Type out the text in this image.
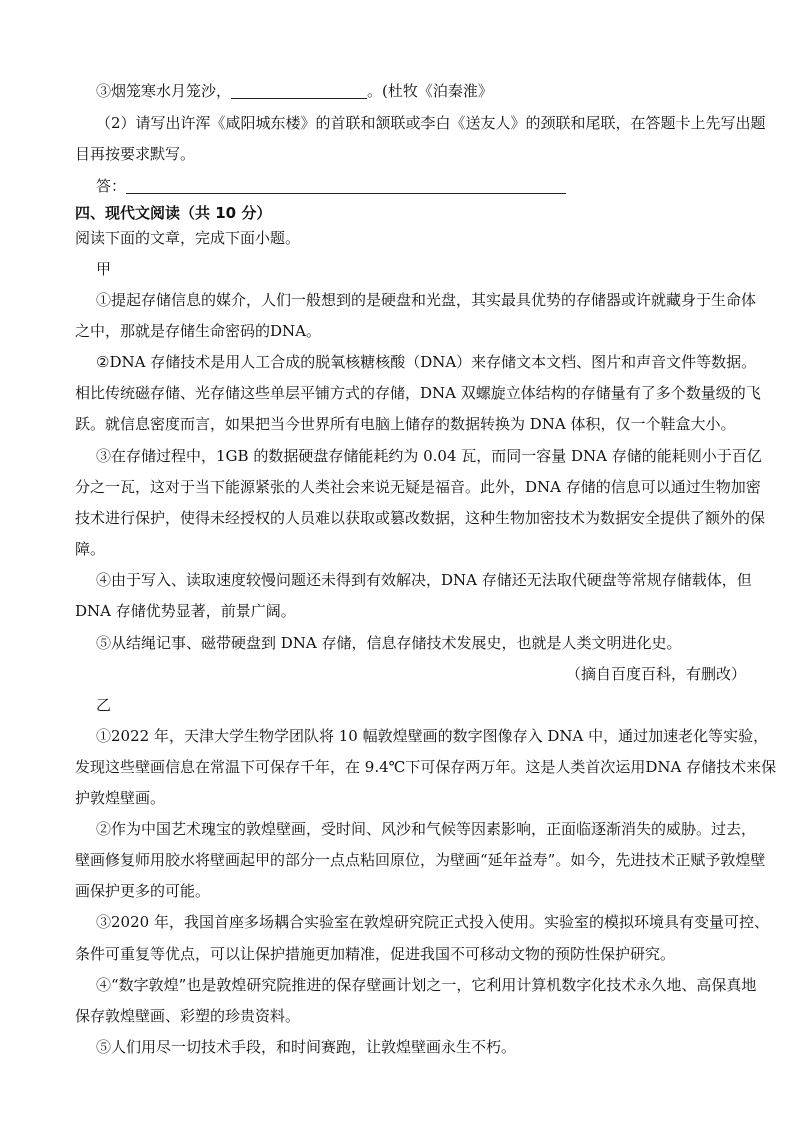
③烟笼寒水月笼沙，	。(杜牧《泊秦淮》
（2）请写出许浑《咸阳城东楼》的首联和颔联或李白《送友人》的颈联和尾联，在答题卡上先写出题
目再按要求默写。
答：
四、现代文阅读（共 10 分）
阅读下面的文章，完成下面小题。
甲
①提起存储信息的媒介，人们一般想到的是硬盘和光盘，其实最具优势的存储器或许就藏身于生命体
之中，那就是存储生命密码的DNA。
②DNA 存储技术是用人工合成的脱氧核糖核酸（DNA）来存储文本文档、图片和声音文件等数据。
相比传统磁存储、光存储这些单层平铺方式的存储，DNA 双螺旋立体结构的存储量有了多个数量级的飞
跃。就信息密度而言，如果把当今世界所有电脑上储存的数据转换为 DNA 体积，仅一个鞋盒大小。
③在存储过程中，1GB 的数据硬盘存储能耗约为 0.04 瓦，而同一容量 DNA 存储的能耗则小于百亿
分之一瓦，这对于当下能源紧张的人类社会来说无疑是福音。此外，DNA 存储的信息可以通过生物加密
技术进行保护，使得未经授权的人员难以获取或篡改数据，这种生物加密技术为数据安全提供了额外的保
障。
④由于写入、读取速度较慢问题还未得到有效解决，DNA 存储还无法取代硬盘等常规存储载体，但
DNA 存储优势显著，前景广阔。
⑤从结绳记事、磁带硬盘到 DNA 存储，信息存储技术发展史，也就是人类文明进化史。
（摘自百度百科，有删改）
乙
①2022 年，天津大学生物学团队将 10 幅敦煌壁画的数字图像存入 DNA 中，通过加速老化等实验，
发现这些壁画信息在常温下可保存千年，在 9.4℃下可保存两万年。这是人类首次运用DNA 存储技术来保
护敦煌壁画。
②作为中国艺术瑰宝的敦煌壁画，受时间、风沙和气候等因素影响，正面临逐渐消失的威胁。过去，
壁画修复师用胶水将壁画起甲的部分一点点粘回原位，为壁画“延年益寿”。如今，先进技术正赋予敦煌壁
画保护更多的可能。
③2020 年，我国首座多场耦合实验室在敦煌研究院正式投入使用。实验室的模拟环境具有变量可控、
条件可重复等优点，可以让保护措施更加精准，促进我国不可移动文物的预防性保护研究。
④“数字敦煌”也是敦煌研究院推进的保存壁画计划之一，它利用计算机数字化技术永久地、高保真地
保存敦煌壁画、彩塑的珍贵资料。
⑤人们用尽一切技术手段，和时间赛跑，让敦煌壁画永生不朽。
